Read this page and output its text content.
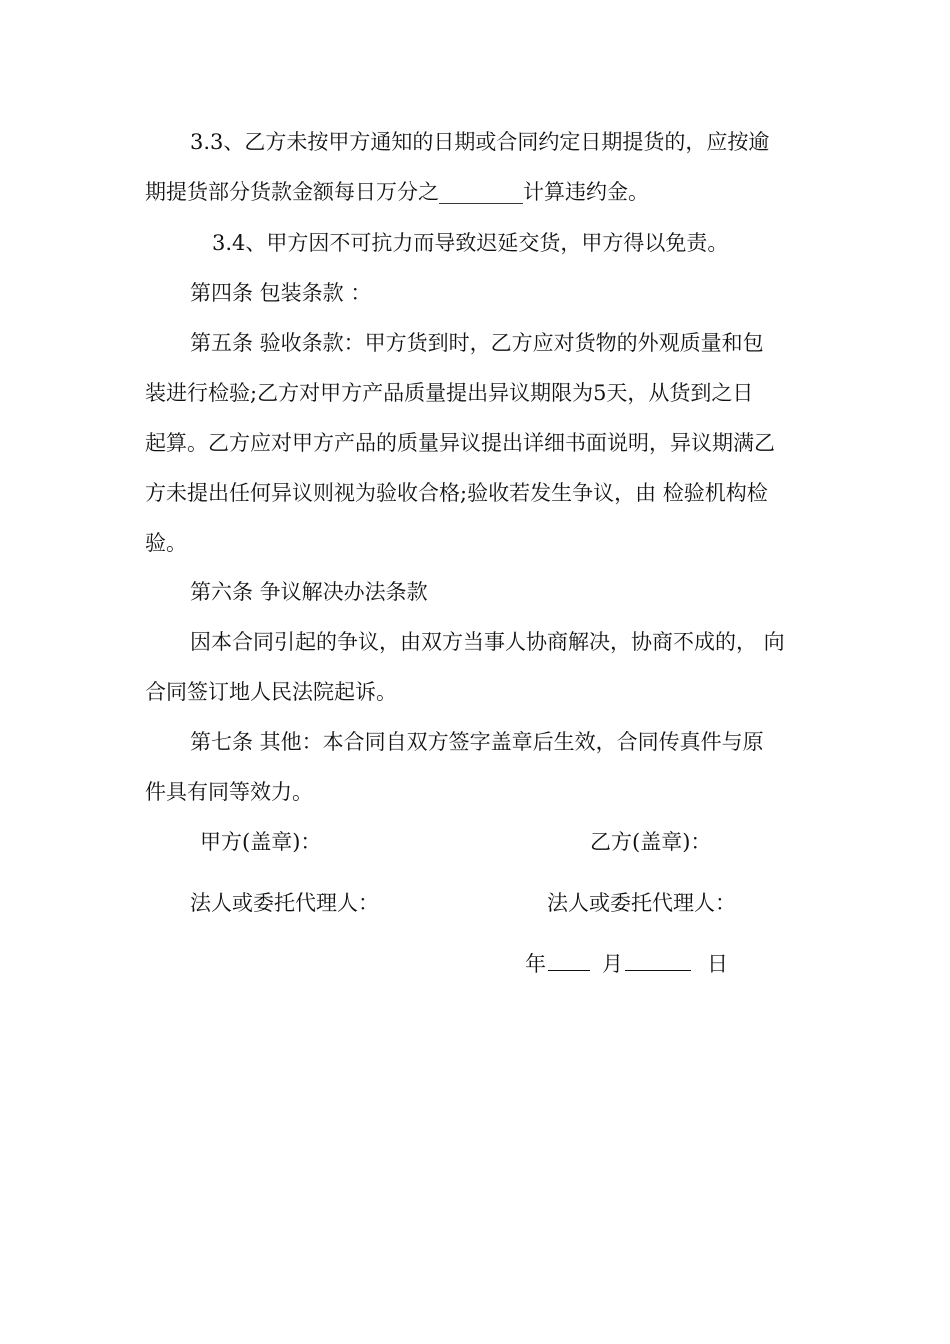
3.3、乙方未按甲方通知的日期或合同约定日期提货的，应按逾
期提货部分货款金额每日万分之________计算违约金。
3.4、甲方因不可抗力而导致迟延交货，甲方得以免责。
第四条 包装条款 ：
第五条 验收条款：甲方货到时，乙方应对货物的外观质量和包
装进行检验;乙方对甲方产品质量提出异议期限为5天，从货到之日
起算。乙方应对甲方产品的质量异议提出详细书面说明，异议期满乙
方未提出任何异议则视为验收合格;验收若发生争议，由 检验机构检
验。
第六条 争议解决办法条款
因本合同引起的争议，由双方当事人协商解决，协商不成的， 向
合同签订地人民法院起诉。
第七条 其他：本合同自双方签字盖章后生效，合同传真件与原
件具有同等效力。
甲方(盖章)：	乙方(盖章)：
法人或委托代理人：	法人或委托代理人：
年	月	日
